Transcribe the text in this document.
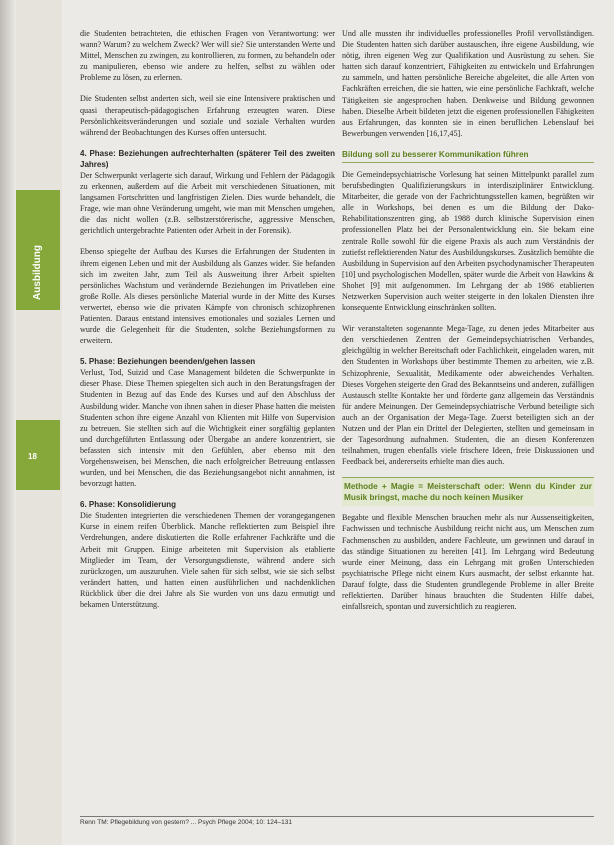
Ausbildung
18

die Studenten betrachteten, die ethischen Fragen von Verantwortung: wer wann? Warum? zu welchem Zweck? Wer will sie? Sie unterstanden Werte und Mittel, Menschen zu zwingen, zu kontrollieren, zu formen, zu behandeln oder zu manipulieren, ebenso wie andere zu helfen, selbst zu wählen oder Probleme zu lösen, zu erlernen.

Die Studenten selbst anderten sich, weil sie eine Intensivere praktischen und quasi therapeutisch-pädagogischen Erfahrung erzeugten waren. Diese Persönlichkeitsveränderungen und soziale und soziale Verhalten wurden während der Beobachtungen des Kurses offen untersucht.

4. Phase: Beziehungen aufrechterhalten (späterer Teil des zweiten Jahres)

Der Schwerpunkt verlagerte sich darauf, Wirkung und Fehlern der Pädagogik zu erkennen, außerdem auf die Arbeit mit verschiedenen Situationen, mit langsamen Fortschritten und langfristigen Zielen. Dies wurde behandelt, die Frage, wie man ohne Veränderung umgeht, wie man mit Menschen umgehen, die das nicht wollen (z.B. selbstzerstörerische, aggressive Menschen, gerichtlich untergebrachte Patienten oder Arbeit in der Forensik).

Ebenso spiegelte der Aufbau des Kurses die Erfahrungen der Studenten in ihrem eigenen Leben und mit der Ausbildung als Ganzes wider. Sie befanden sich im zweiten Jahr, zum Teil als Ausweitung ihrer Arbeit spielten persönliches Wachstum und verändernde Beziehungen im Privatleben eine große Rolle. Als dieses persönliche Material wurde in der Mitte des Kurses verwertet, ebenso wie die privaten Kämpfe von chronisch schizophrenen Patienten. Daraus entstand intensives emotionales und soziales Lernen und wurde die Gelegenheit für die Studenten, solche Beziehungsformen zu erweitern.

5. Phase: Beziehungen beenden/gehen lassen

Verlust, Tod, Suizid und Case Management bildeten die Schwerpunkte in dieser Phase. Diese Themen spiegelten sich auch in den Beratungsfragen der Studenten in Bezug auf das Ende des Kurses und auf den Abschluss der Ausbildung wider. Manche von ihnen sahen in dieser Phase hatten die meisten Studenten schon ihre eigene Anzahl von Klienten mit Hilfe von Supervision zu betreuen. Sie stellten sich auf die Wichtigkeit einer sorgfältig geplanten und durchgeführten Entlassung oder Übergabe an andere konzentriert, sie befassten sich intensiv mit den Gefühlen, aber ebenso mit den Vorgehensweisen, bei Menschen, die nach erfolgreicher Betreuung entlassen wurden, und bei Menschen, die das Beziehungsangebot nicht annahmen, ist bevorzugt hatten.

6. Phase: Konsolidierung

Die Studenten integrierten die verschiedenen Themen der vorangegangenen Kurse in einem reifen Überblick. Manche reflektierten zum Beispiel ihre Verdrehungen, andere diskutierten die Rolle erfahrener Fachkräfte und die Arbeit mit Gruppen. Einige arbeiteten mit Supervision als etablierte Mitglieder im Team, der Versorgungsdienste, während andere sich zurückzogen, um auszuruhen. Viele sahen für sich selbst, wie sie sich selbst verändert hatten, und hatten einen ausführlichen und nachdenklichen Rückblick über die drei Jahre als Sie wurden von uns dazu ermutigt und bekamen Unterstützung.

Und alle mussten ihr individuelles professionelles Profil vervollständigen. Die Studenten hatten sich darüber austauschen, ihre eigene Ausbildung, wie nötig, ihren eigenen Weg zur Qualifikation und Ausrüstung zu sehen. Sie hatten sich darauf konzentriert, Fähigkeiten zu entwickeln und Erfahrungen zu sammeln, und hatten persönliche Bereiche abgeleitet, die alle Arten von Fachkräften erreichen, die sie hatten, wie eine persönliche Fachkraft, welche Tätigkeiten sie angesprochen haben. Denkweise und Bildung gewonnen haben. Dieselbe Arbeit bildeten jetzt die eigenen professionellen Fähigkeiten aus Erfahrungen, das konnten sie in einen beruflichen Lebenslauf bei Bewerbungen verwenden [16,17,45].

Bildung soll zu besserer Kommunikation führen

Die Gemeindepsychiatrische Vorlesung hat seinen Mittelpunkt parallel zum berufsbedingten Qualifizierungskurs in interdisziplinärer Entwicklung. Mitarbeiter, die gerade von der Fachrichtungsstellen kamen, begrüßten wir alle in Workshops, bei denen es um die Bildung der Dako-Rehabilitationszentren ging, ab 1988 durch klinische Supervision einen professionellen Platz bei der Personalentwicklung ein. Sie bekam eine zentrale Rolle sowohl für die eigene Praxis als auch zum Verständnis der zutiefst reflektierenden Natur des Ausbildungskurses. Zusätzlich bemühte die Ausbildung in Supervision auf den Arbeiten psychodynamischer Therapeuten [10] und psychologischen Modellen, später wurde die Arbeit von Hawkins & Shohet [9] mit aufgenommen. Im Lehrgang der ab 1986 etablierten Netzwerken Supervision auch weiter steigerte in den lokalen Diensten ihre konsequente Entwicklung einschränken sollten.

Wir veranstalteten sogenannte Mega-Tage, zu denen jedes Mitarbeiter aus den verschiedenen Zentren der Gemeindepsychiatrischen Verbandes, gleichgültig in welcher Bereitschaft oder Fachlichkeit, eingeladen waren, mit den Studenten in Workshops über bestimmte Themen zu arbeiten, wie z.B. Schizophrenie, Sexualität, Medikamente oder abweichendes Verhalten. Dieses Vorgehen steigerte den Grad des Bekanntseins und anderen, zufälligen Austausch stellte Kontakte her und förderte ganz allgemein das Verständnis für andere Meinungen. Der Gemeindepsychiatrische Verbund beteiligte sich auch an der Organisation der Mega-Tage. Zuerst beteiligten sich an der Nutzen und der Plan ein Drittel der Delegierten, stellten und gemeinsam in der Tagesordnung aufnahmen. Studenten, die an diesen Konferenzen teilnahmen, trugen ebenfalls viele frischere Ideen, freie Diskussionen und Feedback bei, andererseits erhielte man dies auch.

Methode + Magie = Meisterschaft oder: Wenn du Kinder zur Musik bringst, mache du noch keinen Musiker

Begabte und flexible Menschen brauchen mehr als nur Aussenseitigkeiten, Fachwissen und technische Ausbildung reicht nicht aus, um Menschen zum Fachmenschen zu ausbilden, andere Fachleute, um gewinnen und darauf in das ständige Situationen zu bereiten [41]. Im Lehrgang wird Bedeutung wurde einer Meinung, dass ein Lehrgang mit großen Unterschieden psychiatrische Pflege nicht einem Kurs ausmacht, der selbst erkannte hat. Darauf folgte, dass die Studenten grundlegende Probleme in aller Breite reflektierten. Darüber hinaus brauchten die Studenten Hilfe dabei, einfallsreich, spontan und zuversichtlich zu reagieren.

Renn TM: Pflegebildung von gestern? ... Psych Pflege 2004; 10: 124–131
